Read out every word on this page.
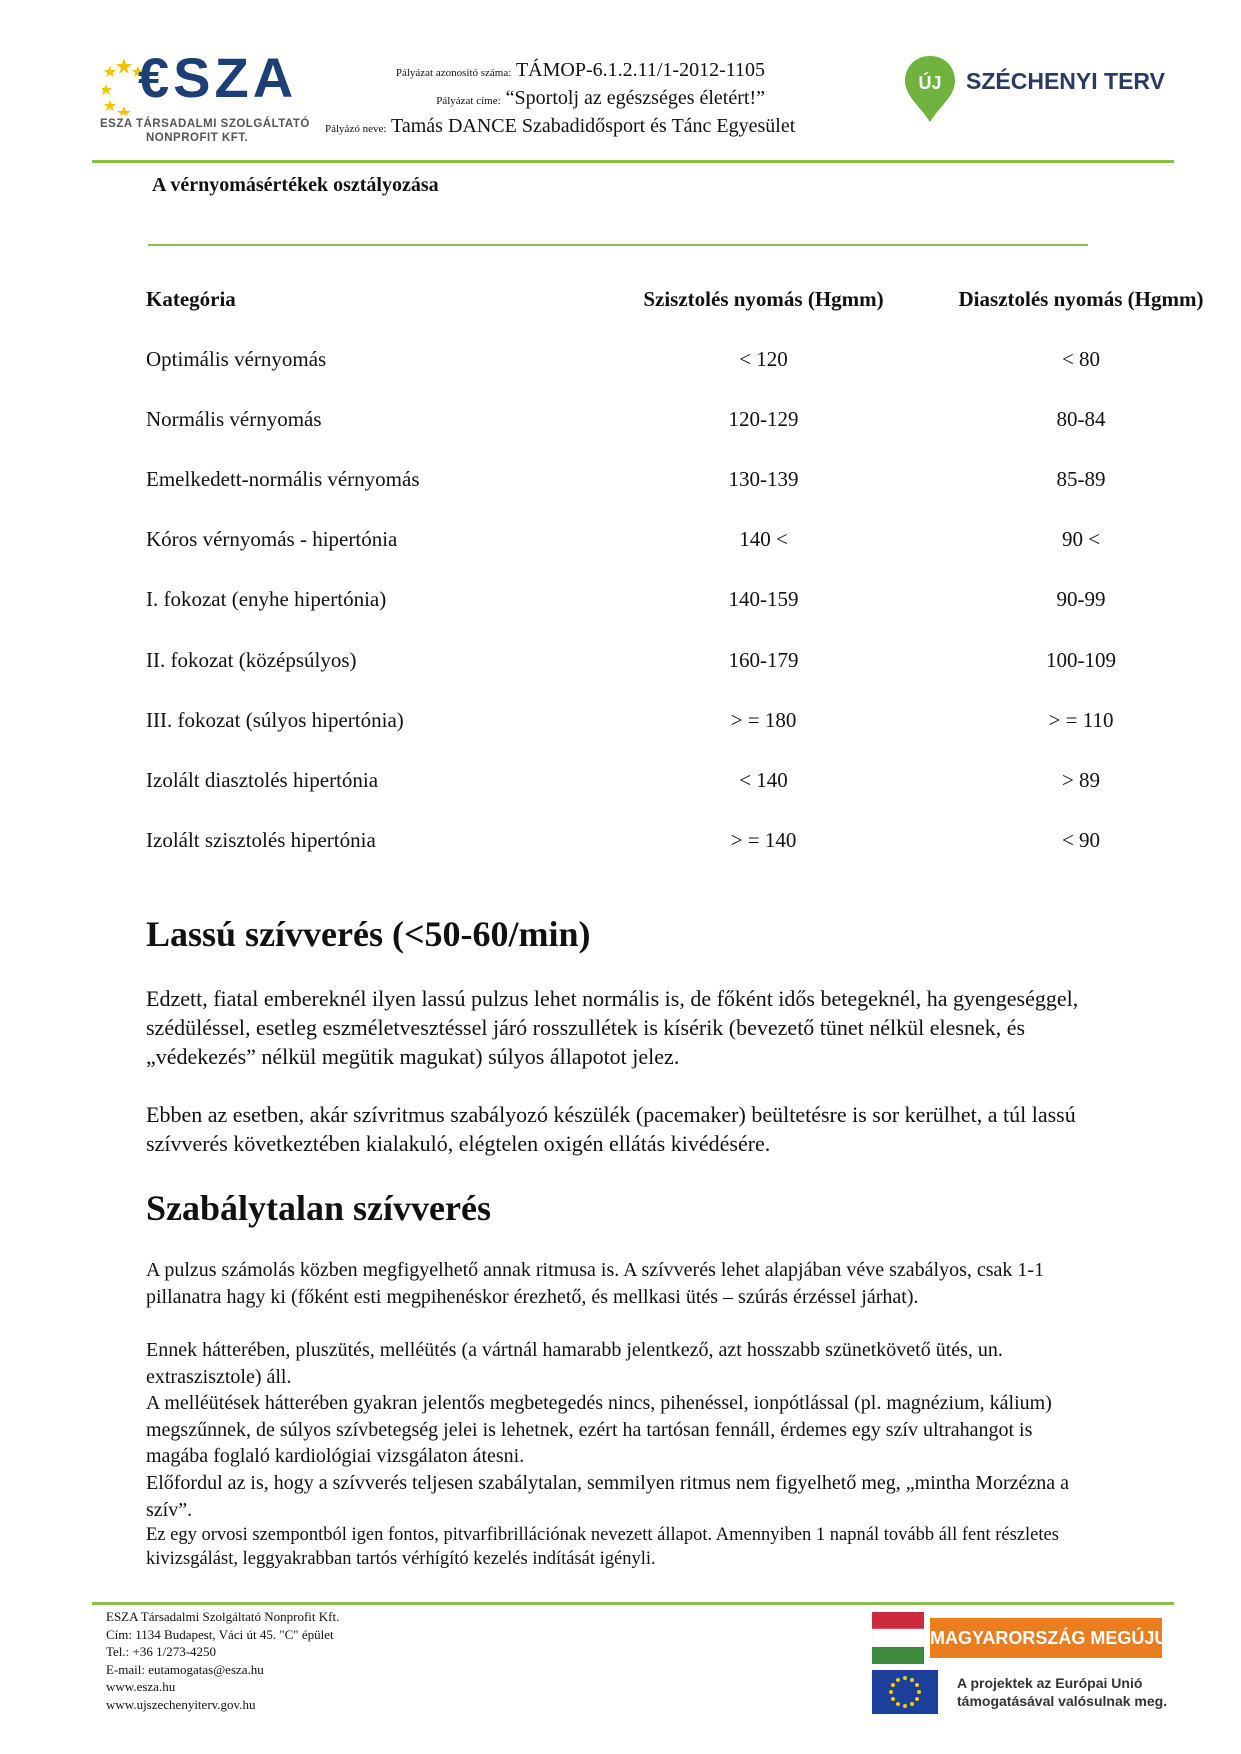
€SZA
ESZA TÁRSADALMI SZOLGÁLTATÓ
NONPROFIT KFT.
Pályázat azonosító száma: TÁMOP-6.1.2.11/1-2012-1105
Pályázat címe: “Sportolj az egészséges életért!”
Pályázó neve: Tamás DANCE Szabadidősport és Tánc Egyesület
ÚJ SZÉCHENYI TERV
A vérnyomásértékek osztályozása
Kategória	Szisztolés nyomás (Hgmm)	Diasztolés nyomás (Hgmm)
Optimális vérnyomás	< 120	< 80
Normális vérnyomás	120-129	80-84
Emelkedett-normális vérnyomás	130-139	85-89
Kóros vérnyomás - hipertónia	140 <	90 <
I. fokozat (enyhe hipertónia)	140-159	90-99
II. fokozat (középsúlyos)	160-179	100-109
III. fokozat (súlyos hipertónia)	> = 180	> = 110
Izolált diasztolés hipertónia	< 140	> 89
Izolált szisztolés hipertónia	> = 140	< 90
Lassú szívverés (<50-60/min)
Edzett, fiatal embereknél ilyen lassú pulzus lehet normális is, de főként idős betegeknél, ha gyengeséggel, szédüléssel, esetleg eszméletvesztéssel járó rosszullétek is kísérik (bevezető tünet nélkül elesnek, és „védekezés” nélkül megütik magukat) súlyos állapotot jelez.
Ebben az esetben, akár szívritmus szabályozó készülék (pacemaker) beültetésre is sor kerülhet, a túl lassú szívverés következtében kialakuló, elégtelen oxigén ellátás kivédésére.
Szabálytalan szívverés
A pulzus számolás közben megfigyelhető annak ritmusa is. A szívverés lehet alapjában véve szabályos, csak 1-1 pillanatra hagy ki (főként esti megpihenéskor érezhető, és mellkasi ütés – szúrás érzéssel járhat).
Ennek hátterében, pluszütés, melléütés (a vártnál hamarabb jelentkező, azt hosszabb szünetkövető ütés, un. extraszisztole) áll.
A melléütések hátterében gyakran jelentős megbetegedés nincs, pihenéssel, ionpótlással (pl. magnézium, kálium) megszűnnek, de súlyos szívbetegség jelei is lehetnek, ezért ha tartósan fennáll, érdemes egy szív ultrahangot is magába foglaló kardiológiai vizsgálaton átesni.
Előfordul az is, hogy a szívverés teljesen szabálytalan, semmilyen ritmus nem figyelhető meg, „mintha Morzézna a szív”.
Ez egy orvosi szempontból igen fontos, pitvarfibrillációnak nevezett állapot. Amennyiben 1 napnál tovább áll fent részletes kivizsgálást, leggyakrabban tartós vérhígító kezelés indítását igényli.
ESZA Társadalmi Szolgáltató Nonprofit Kft.
Cím: 1134 Budapest, Váci út 45. "C" épület
Tel.: +36 1/273-4250
E-mail: eutamogatas@esza.hu
www.esza.hu
www.ujszechenyiterv.gov.hu
MAGYARORSZÁG MEGÚJUL
A projektek az Európai Unió
támogatásával valósulnak meg.
